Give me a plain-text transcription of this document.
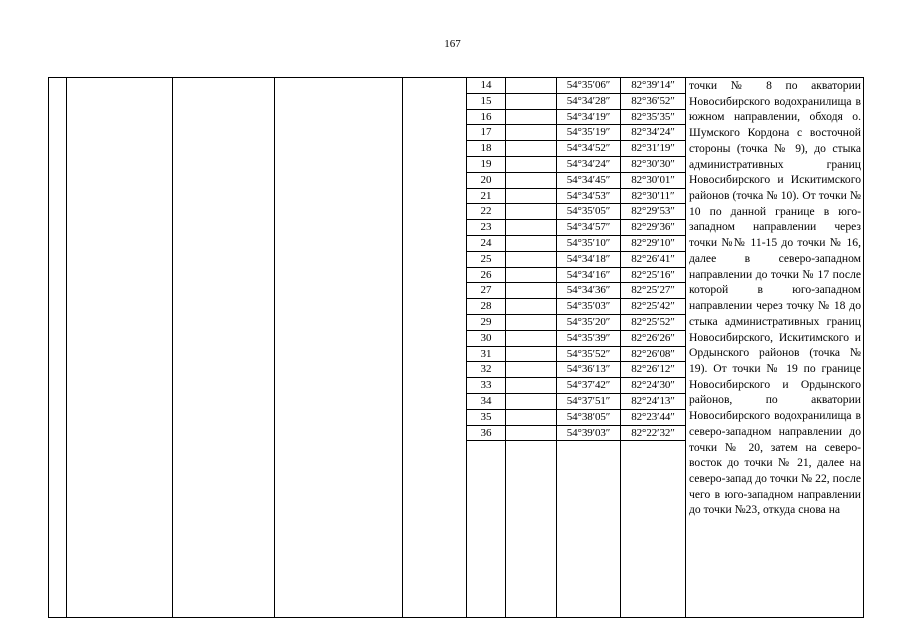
167
					14		54°35′06″	82°39′14″	точки № 8 по акватории Новосибирского водохранилища в южном направлении, обходя о. Шумского Кордона с восточной стороны (точка № 9), до стыка административных границ Новосибирского и Искитимского районов (точка № 10). От точки № 10 по данной границе в юго-западном направлении через точки №№ 11-15 до точки № 16, далее в северо-западном направлении до точки № 17 после которой в юго-западном направлении через точку № 18 до стыка административных границ Новосибирского, Искитимского и Ордынского районов (точка № 19). От точки № 19 по границе Новосибирского и Ордынского районов, по акватории Новосибирского водохранилища в северо-западном направлении до точки № 20, затем на северо-восток до точки № 21, далее на северо-запад до точки № 22, после чего в юго-западном направлении до точки №23, откуда снова на
					15		54°34′28″	82°36′52″	
					16		54°34′19″	82°35′35″	
					17		54°35′19″	82°34′24″	
					18		54°34′52″	82°31′19″	
					19		54°34′24″	82°30′30″	
					20		54°34′45″	82°30′01″	
					21		54°34′53″	82°30′11″	
					22		54°35′05″	82°29′53″	
					23		54°34′57″	82°29′36″	
					24		54°35′10″	82°29′10″	
					25		54°34′18″	82°26′41″	
					26		54°34′16″	82°25′16″	
					27		54°34′36″	82°25′27″	
					28		54°35′03″	82°25′42″	
					29		54°35′20″	82°25′52″	
					30		54°35′39″	82°26′26″	
					31		54°35′52″	82°26′08″	
					32		54°36′13″	82°26′12″	
					33		54°37′42″	82°24′30″	
					34		54°37′51″	82°24′13″	
					35		54°38′05″	82°23′44″	
					36		54°39′03″	82°22′32″	
